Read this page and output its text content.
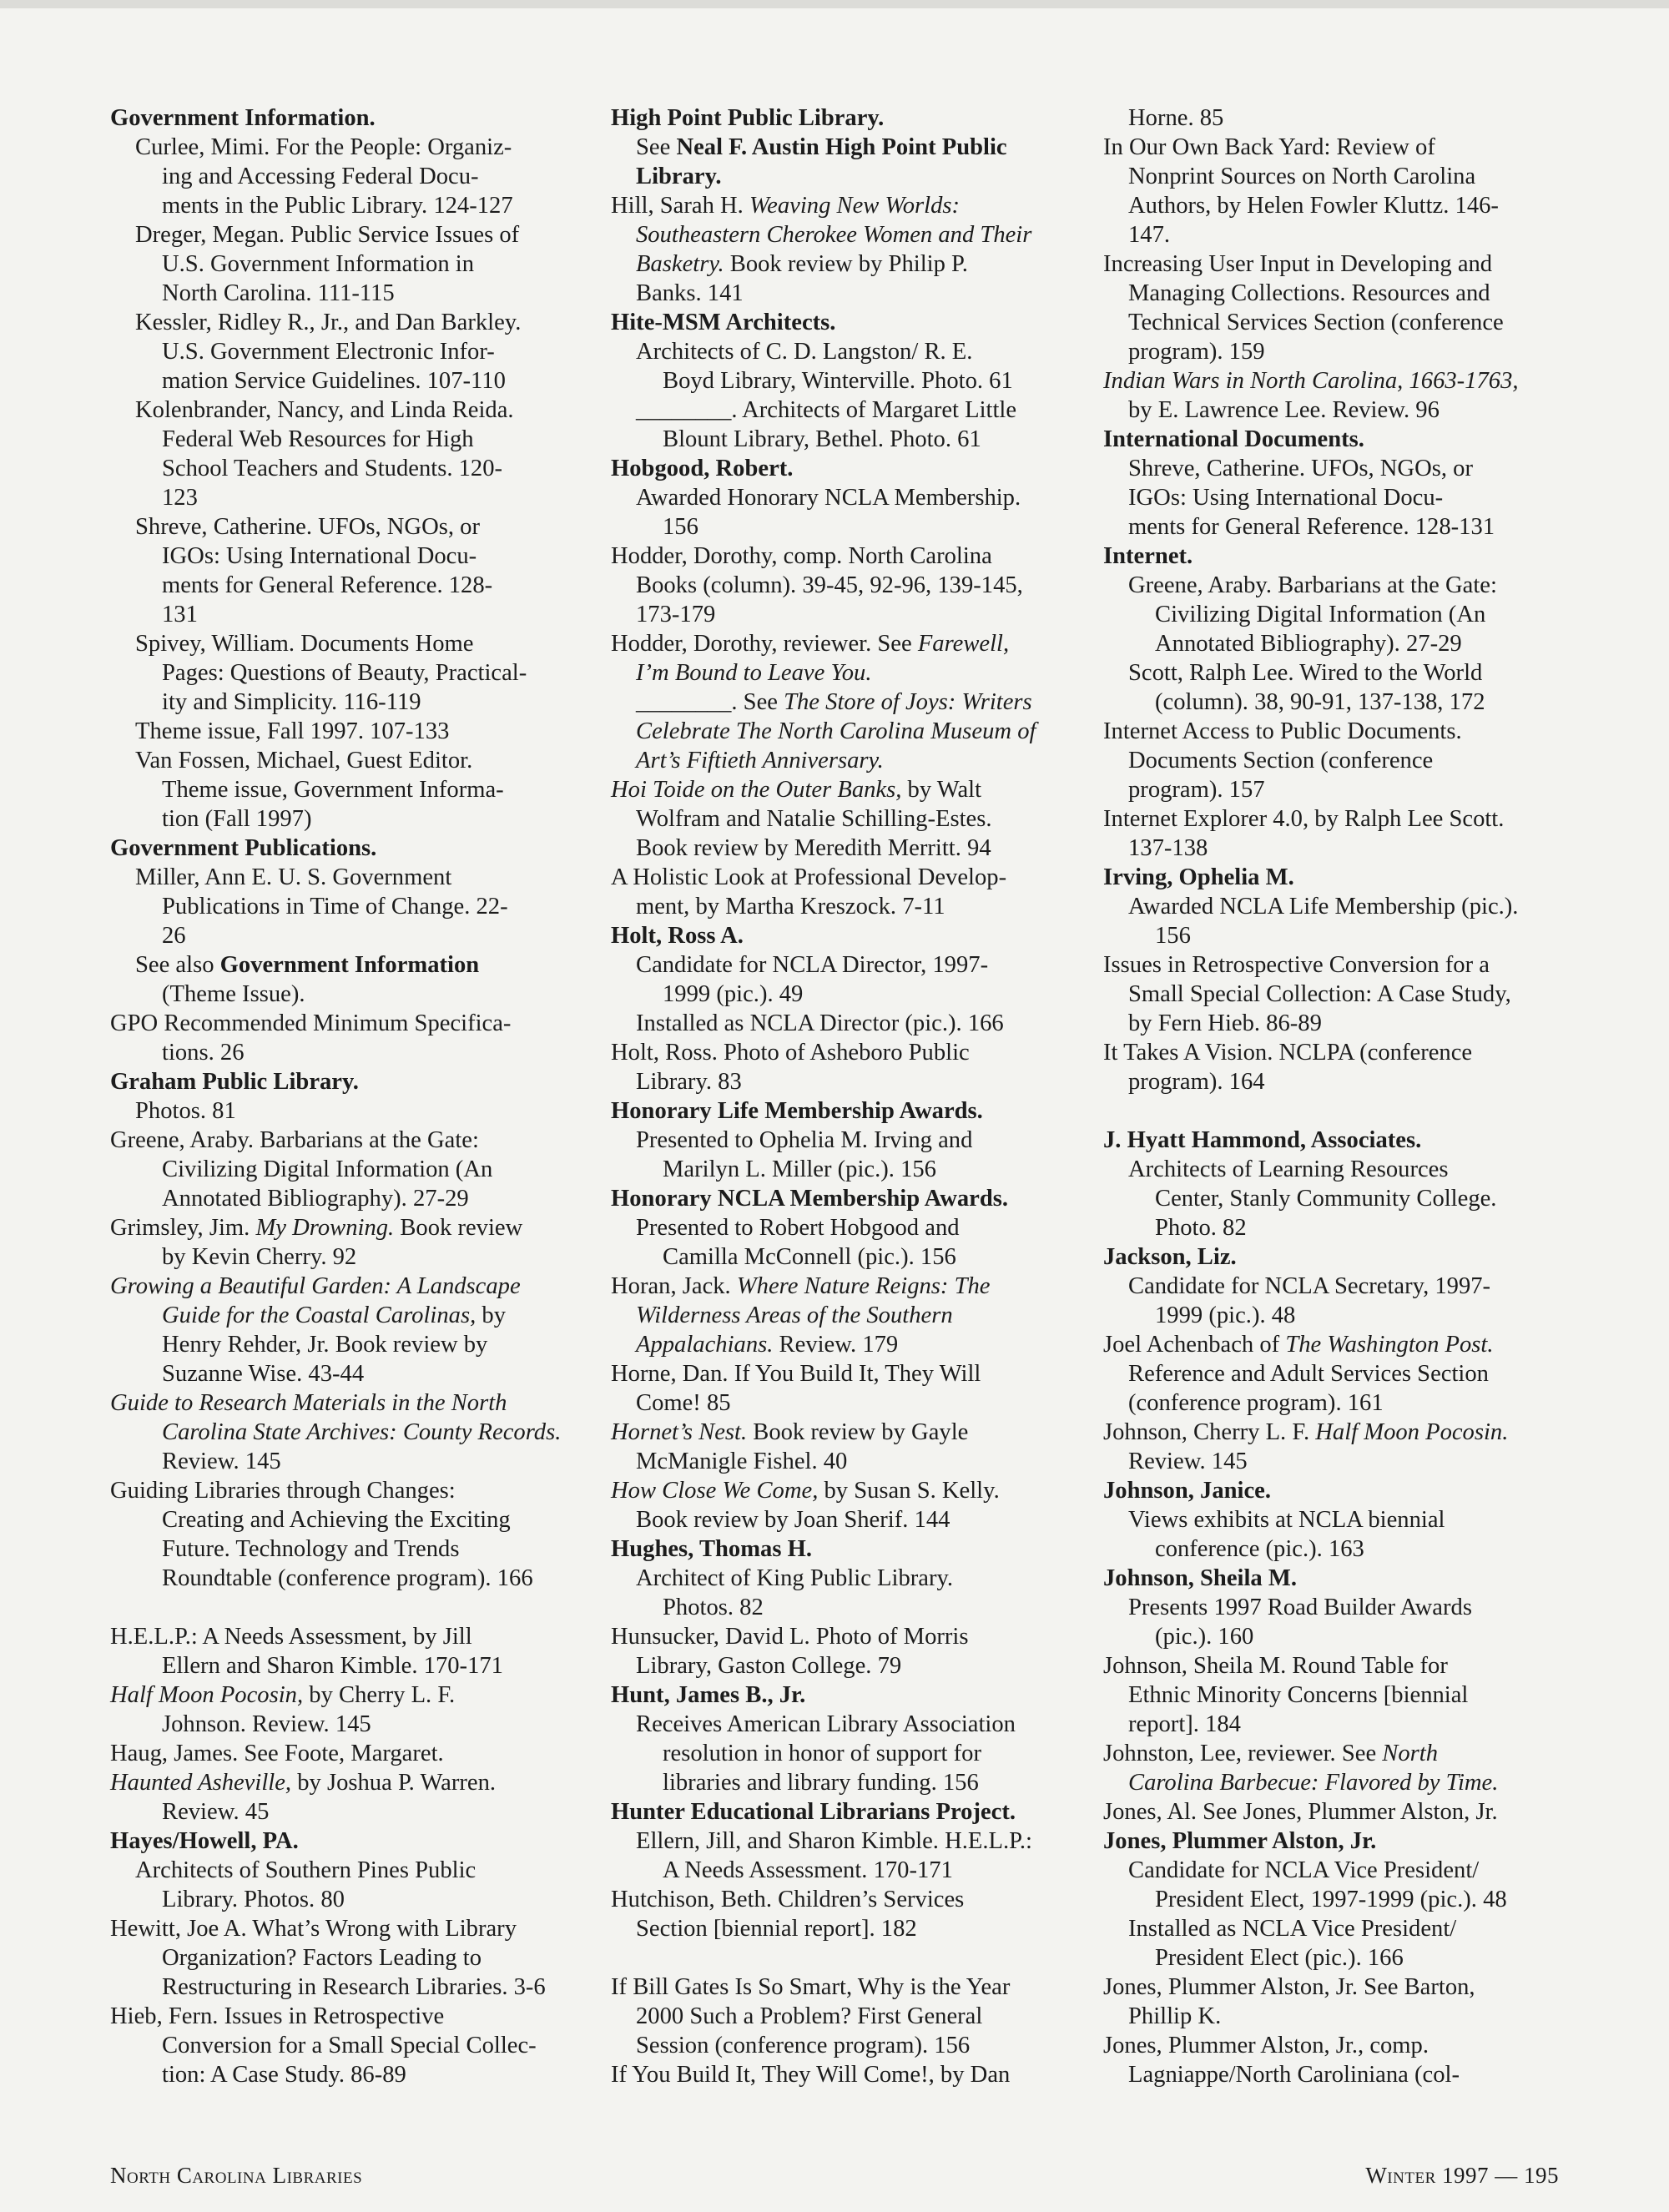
Government Information.
Curlee, Mimi. For the People: Organiz-
ing and Accessing Federal Docu-
ments in the Public Library. 124-127
Dreger, Megan. Public Service Issues of
U.S. Government Information in
North Carolina. 111-115
Kessler, Ridley R., Jr., and Dan Barkley.
U.S. Government Electronic Infor-
mation Service Guidelines. 107-110
Kolenbrander, Nancy, and Linda Reida.
Federal Web Resources for High
School Teachers and Students. 120-
123
Shreve, Catherine. UFOs, NGOs, or
IGOs: Using International Docu-
ments for General Reference. 128-
131
Spivey, William. Documents Home
Pages: Questions of Beauty, Practical-
ity and Simplicity. 116-119
Theme issue, Fall 1997. 107-133
Van Fossen, Michael, Guest Editor.
Theme issue, Government Informa-
tion (Fall 1997)
Government Publications.
Miller, Ann E. U. S. Government
Publications in Time of Change. 22-
26
See also Government Information
(Theme Issue).
GPO Recommended Minimum Specifica-
tions. 26
Graham Public Library.
Photos. 81
Greene, Araby. Barbarians at the Gate:
Civilizing Digital Information (An
Annotated Bibliography). 27-29
Grimsley, Jim. My Drowning. Book review
by Kevin Cherry. 92
Growing a Beautiful Garden: A Landscape
Guide for the Coastal Carolinas, by
Henry Rehder, Jr. Book review by
Suzanne Wise. 43-44
Guide to Research Materials in the North
Carolina State Archives: County Records.
Review. 145
Guiding Libraries through Changes:
Creating and Achieving the Exciting
Future. Technology and Trends
Roundtable (conference program). 166
H.E.L.P.: A Needs Assessment, by Jill
Ellern and Sharon Kimble. 170-171
Half Moon Pocosin, by Cherry L. F.
Johnson. Review. 145
Haug, James. See Foote, Margaret.
Haunted Asheville, by Joshua P. Warren.
Review. 45
Hayes/Howell, PA.
Architects of Southern Pines Public
Library. Photos. 80
Hewitt, Joe A. What’s Wrong with Library
Organization? Factors Leading to
Restructuring in Research Libraries. 3-6
Hieb, Fern. Issues in Retrospective
Conversion for a Small Special Collec-
tion: A Case Study. 86-89
High Point Public Library.
See Neal F. Austin High Point Public
Library.
Hill, Sarah H. Weaving New Worlds:
Southeastern Cherokee Women and Their
Basketry. Book review by Philip P.
Banks. 141
Hite-MSM Architects.
Architects of C. D. Langston/ R. E.
Boyd Library, Winterville. Photo. 61
________. Architects of Margaret Little
Blount Library, Bethel. Photo. 61
Hobgood, Robert.
Awarded Honorary NCLA Membership.
156
Hodder, Dorothy, comp. North Carolina
Books (column). 39-45, 92-96, 139-145,
173-179
Hodder, Dorothy, reviewer. See Farewell,
I’m Bound to Leave You.
________. See The Store of Joys: Writers
Celebrate The North Carolina Museum of
Art’s Fiftieth Anniversary.
Hoi Toide on the Outer Banks, by Walt
Wolfram and Natalie Schilling-Estes.
Book review by Meredith Merritt. 94
A Holistic Look at Professional Develop-
ment, by Martha Kreszock. 7-11
Holt, Ross A.
Candidate for NCLA Director, 1997-
1999 (pic.). 49
Installed as NCLA Director (pic.). 166
Holt, Ross. Photo of Asheboro Public
Library. 83
Honorary Life Membership Awards.
Presented to Ophelia M. Irving and
Marilyn L. Miller (pic.). 156
Honorary NCLA Membership Awards.
Presented to Robert Hobgood and
Camilla McConnell (pic.). 156
Horan, Jack. Where Nature Reigns: The
Wilderness Areas of the Southern
Appalachians. Review. 179
Horne, Dan. If You Build It, They Will
Come! 85
Hornet’s Nest. Book review by Gayle
McManigle Fishel. 40
How Close We Come, by Susan S. Kelly.
Book review by Joan Sherif. 144
Hughes, Thomas H.
Architect of King Public Library.
Photos. 82
Hunsucker, David L. Photo of Morris
Library, Gaston College. 79
Hunt, James B., Jr.
Receives American Library Association
resolution in honor of support for
libraries and library funding. 156
Hunter Educational Librarians Project.
Ellern, Jill, and Sharon Kimble. H.E.L.P.:
A Needs Assessment. 170-171
Hutchison, Beth. Children’s Services
Section [biennial report]. 182
If Bill Gates Is So Smart, Why is the Year
2000 Such a Problem? First General
Session (conference program). 156
If You Build It, They Will Come!, by Dan
Horne. 85
In Our Own Back Yard: Review of
Nonprint Sources on North Carolina
Authors, by Helen Fowler Kluttz. 146-
147.
Increasing User Input in Developing and
Managing Collections. Resources and
Technical Services Section (conference
program). 159
Indian Wars in North Carolina, 1663-1763,
by E. Lawrence Lee. Review. 96
International Documents.
Shreve, Catherine. UFOs, NGOs, or
IGOs: Using International Docu-
ments for General Reference. 128-131
Internet.
Greene, Araby. Barbarians at the Gate:
Civilizing Digital Information (An
Annotated Bibliography). 27-29
Scott, Ralph Lee. Wired to the World
(column). 38, 90-91, 137-138, 172
Internet Access to Public Documents.
Documents Section (conference
program). 157
Internet Explorer 4.0, by Ralph Lee Scott.
137-138
Irving, Ophelia M.
Awarded NCLA Life Membership (pic.).
156
Issues in Retrospective Conversion for a
Small Special Collection: A Case Study,
by Fern Hieb. 86-89
It Takes A Vision. NCLPA (conference
program). 164
J. Hyatt Hammond, Associates.
Architects of Learning Resources
Center, Stanly Community College.
Photo. 82
Jackson, Liz.
Candidate for NCLA Secretary, 1997-
1999 (pic.). 48
Joel Achenbach of The Washington Post.
Reference and Adult Services Section
(conference program). 161
Johnson, Cherry L. F. Half Moon Pocosin.
Review. 145
Johnson, Janice.
Views exhibits at NCLA biennial
conference (pic.). 163
Johnson, Sheila M.
Presents 1997 Road Builder Awards
(pic.). 160
Johnson, Sheila M. Round Table for
Ethnic Minority Concerns [biennial
report]. 184
Johnston, Lee, reviewer. See North
Carolina Barbecue: Flavored by Time.
Jones, Al. See Jones, Plummer Alston, Jr.
Jones, Plummer Alston, Jr.
Candidate for NCLA Vice President/
President Elect, 1997-1999 (pic.). 48
Installed as NCLA Vice President/
President Elect (pic.). 166
Jones, Plummer Alston, Jr. See Barton,
Phillip K.
Jones, Plummer Alston, Jr., comp.
Lagniappe/North Caroliniana (col-
North Carolina Libraries	Winter 1997 — 195
